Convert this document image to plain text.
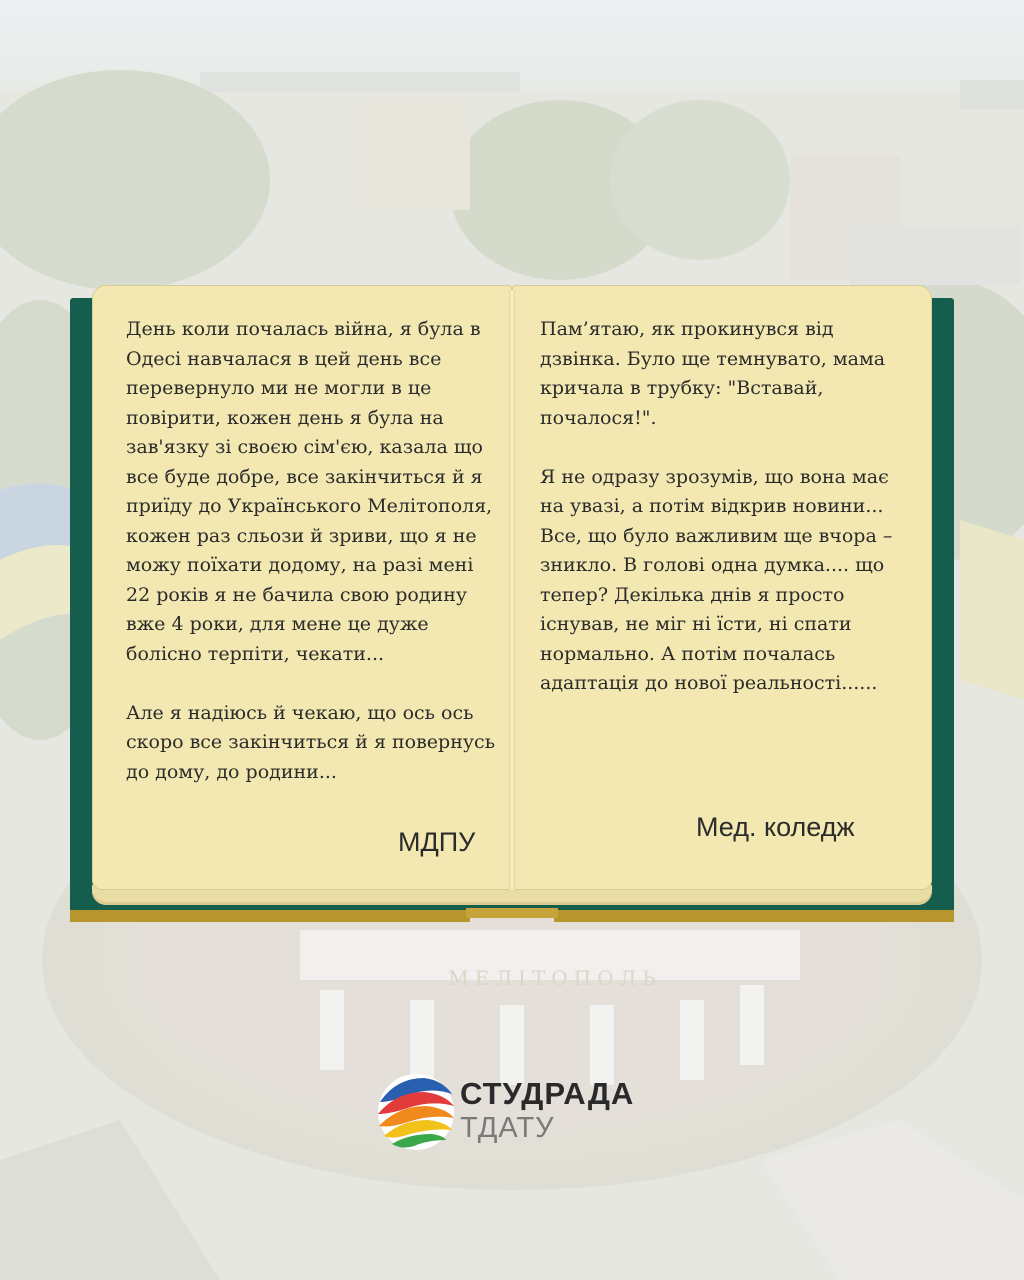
МЕЛІТОПОЛЬ
День коли почалась війна, я була в Одесі навчалася в цей день все перевернуло ми не могли в це повірити, кожен день я була на зав'язку зі своєю сім'єю, казала що все буде добре, все закінчиться й я приїду до Українського Мелітополя, кожен раз сльози й зриви, що я не можу поїхати додому, на разі мені 22 років я не бачила свою родину вже 4 роки, для мене це дуже болісно терпіти, чекати...

Але я надіюсь й чекаю, що ось ось скоро все закінчиться й я повернусь до дому, до родини...
МДПУ
Пам’ятаю, як прокинувся від дзвінка. Було ще темнувато, мама кричала в трубку: "Вставай, почалося!".

Я не одразу зрозумів, що вона має на увазі, а потім відкрив новини... Все, що було важливим ще вчора – зникло. В голові одна думка.... що тепер? Декілька днів я просто існував, не міг ні їсти, ні спати нормально. А потім почалась адаптація до нової реальності......
Мед. коледж
СТУДРАДА
ТДАТУ
